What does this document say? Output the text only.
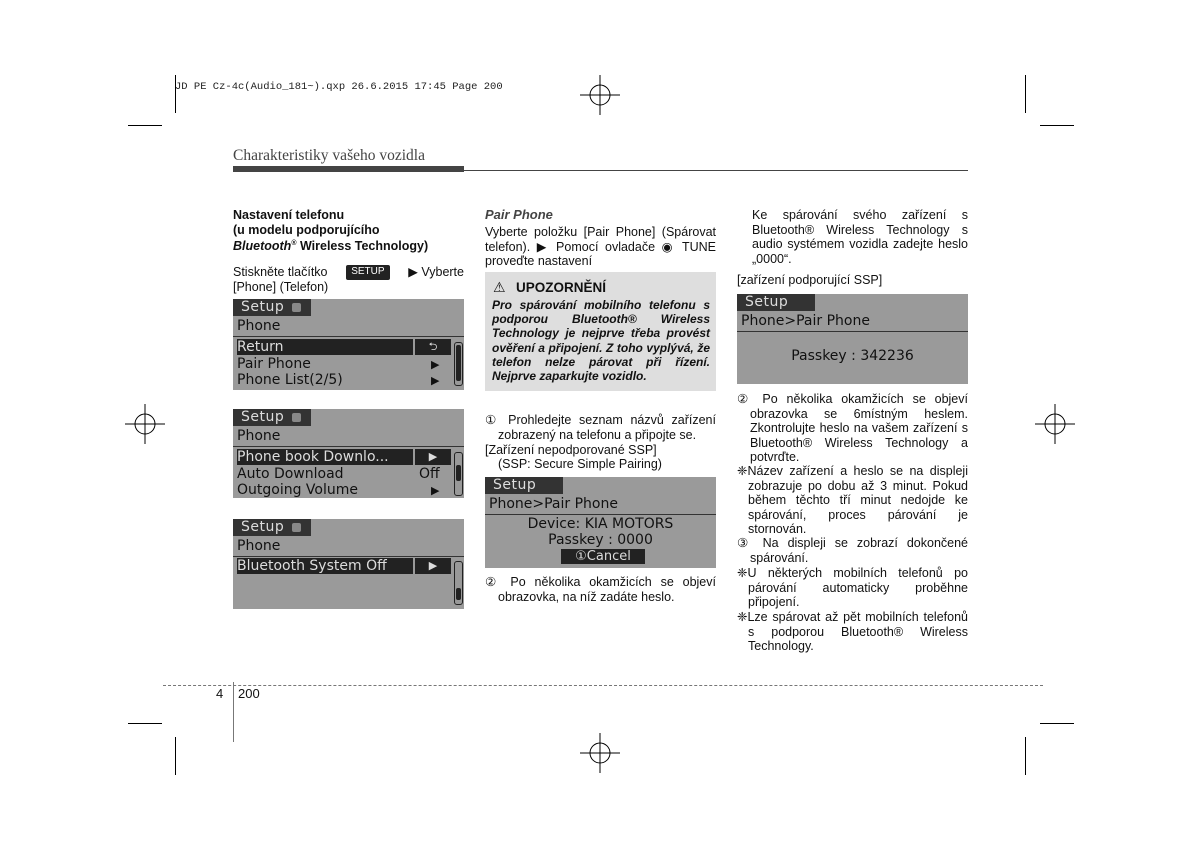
JD PE Cz-4c(Audio_181~).qxp 26.6.2015 17:45 Page 200
Charakteristiky vašeho vozidla
Nastavení telefonu
(u modelu podporujícího
Bluetooth® Wireless Technology)
Stiskněte tlačítko	SETUP	▶ Vyberte
[Phone] (Telefon)
Setup
Phone
Return	⮌
Pair Phone	▶
Phone List(2/5)	▶
Setup
Phone
Phone book Downlo...	▶
Auto Download	Off
Outgoing Volume	▶
Setup
Phone
Bluetooth System Off	▶
Pair Phone
Vyberte položku [Pair Phone] (Spárovat telefon). ▶ Pomocí ovladače ◉ TUNE proveďte nastavení
⚠ UPOZORNĚNÍ
Pro spárování mobilního telefonu s podporou Bluetooth® Wireless Technology je nejprve třeba provést ověření a připojení. Z toho vyplývá, že telefon nelze párovat při řízení. Nejprve zaparkujte vozidlo.
① Prohledejte seznam názvů zařízení zobrazený na telefonu a připojte se.
[Zařízení nepodporované SSP]
(SSP: Secure Simple Pairing)
Setup
Phone>Pair Phone
Device: KIA MOTORS
Passkey : 0000
①Cancel
② Po několika okamžicích se objeví obrazovka, na níž zadáte heslo.
Ke spárování svého zařízení s Bluetooth® Wireless Technology s audio systémem vozidla zadejte heslo „0000“.
[zařízení podporující SSP]
Setup
Phone>Pair Phone
Passkey : 342236
② Po několika okamžicích se objeví obrazovka se 6místným heslem. Zkontrolujte heslo na vašem zařízení s Bluetooth® Wireless Technology a potvrďte.
❈Název zařízení a heslo se na displeji zobrazuje po dobu až 3 minut. Pokud během těchto tří minut nedojde ke spárování, proces párování je stornován.
③ Na displeji se zobrazí dokončené spárování.
❈U některých mobilních telefonů po párování automaticky proběhne připojení.
❈Lze spárovat až pět mobilních telefonů s podporou Bluetooth® Wireless Technology.
4 200
